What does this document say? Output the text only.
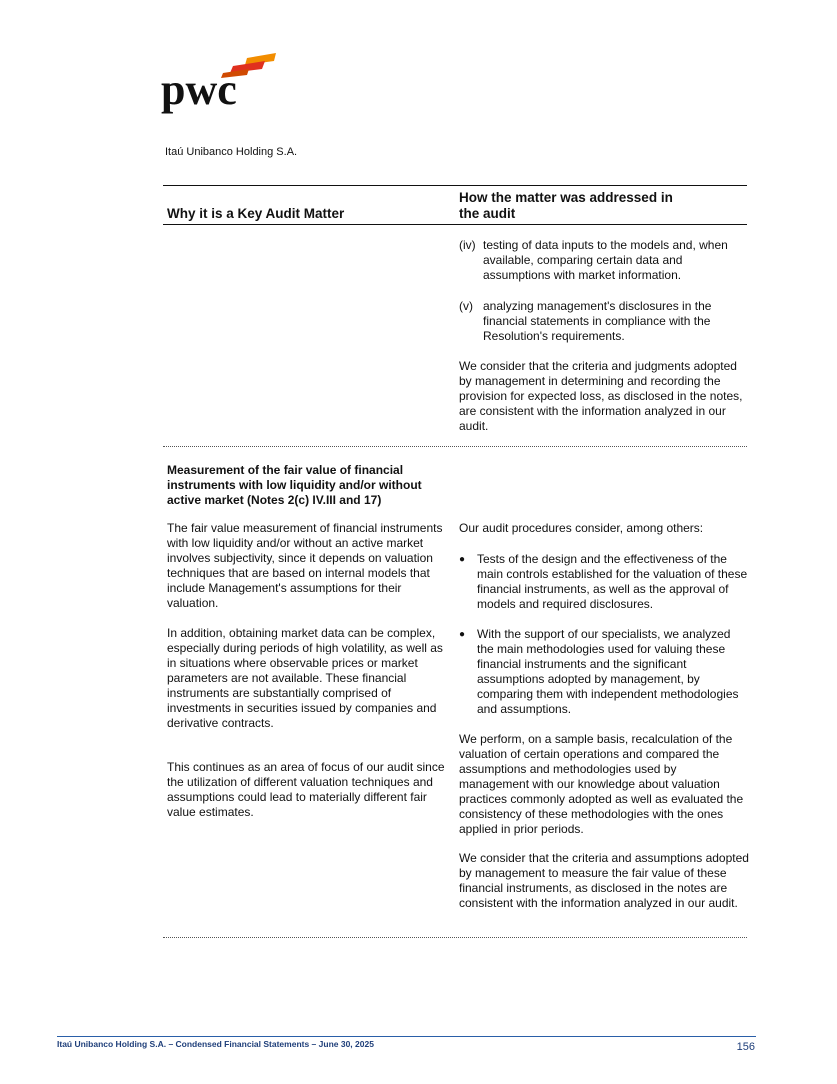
pwc
Itaú Unibanco Holding S.A.
Why it is a Key Audit Matter
How the matter was addressed in
the audit
(iv) testing of data inputs to the models and, when available, comparing certain data and assumptions with market information.
(v) analyzing management's disclosures in the financial statements in compliance with the Resolution's requirements.
We consider that the criteria and judgments adopted by management in determining and recording the provision for expected loss, as disclosed in the notes, are consistent with the information analyzed in our audit.
Measurement of the fair value of financial instruments with low liquidity and/or without active market (Notes 2(c) IV.III and 17)
The fair value measurement of financial instruments with low liquidity and/or without an active market involves subjectivity, since it depends on valuation techniques that are based on internal models that include Management's assumptions for their valuation.
In addition, obtaining market data can be complex, especially during periods of high volatility, as well as in situations where observable prices or market parameters are not available. These financial instruments are substantially comprised of investments in securities issued by companies and derivative contracts.
This continues as an area of focus of our audit since the utilization of different valuation techniques and assumptions could lead to materially different fair value estimates.
Our audit procedures consider, among others:
● Tests of the design and the effectiveness of the main controls established for the valuation of these financial instruments, as well as the approval of models and required disclosures.
● With the support of our specialists, we analyzed the main methodologies used for valuing these financial instruments and the significant assumptions adopted by management, by comparing them with independent methodologies and assumptions.
We perform, on a sample basis, recalculation of the valuation of certain operations and compared the assumptions and methodologies used by management with our knowledge about valuation practices commonly adopted as well as evaluated the consistency of these methodologies with the ones applied in prior periods.
We consider that the criteria and assumptions adopted by management to measure the fair value of these financial instruments, as disclosed in the notes are consistent with the information analyzed in our audit.
Itaú Unibanco Holding S.A. – Condensed Financial Statements – June 30, 2025	156
